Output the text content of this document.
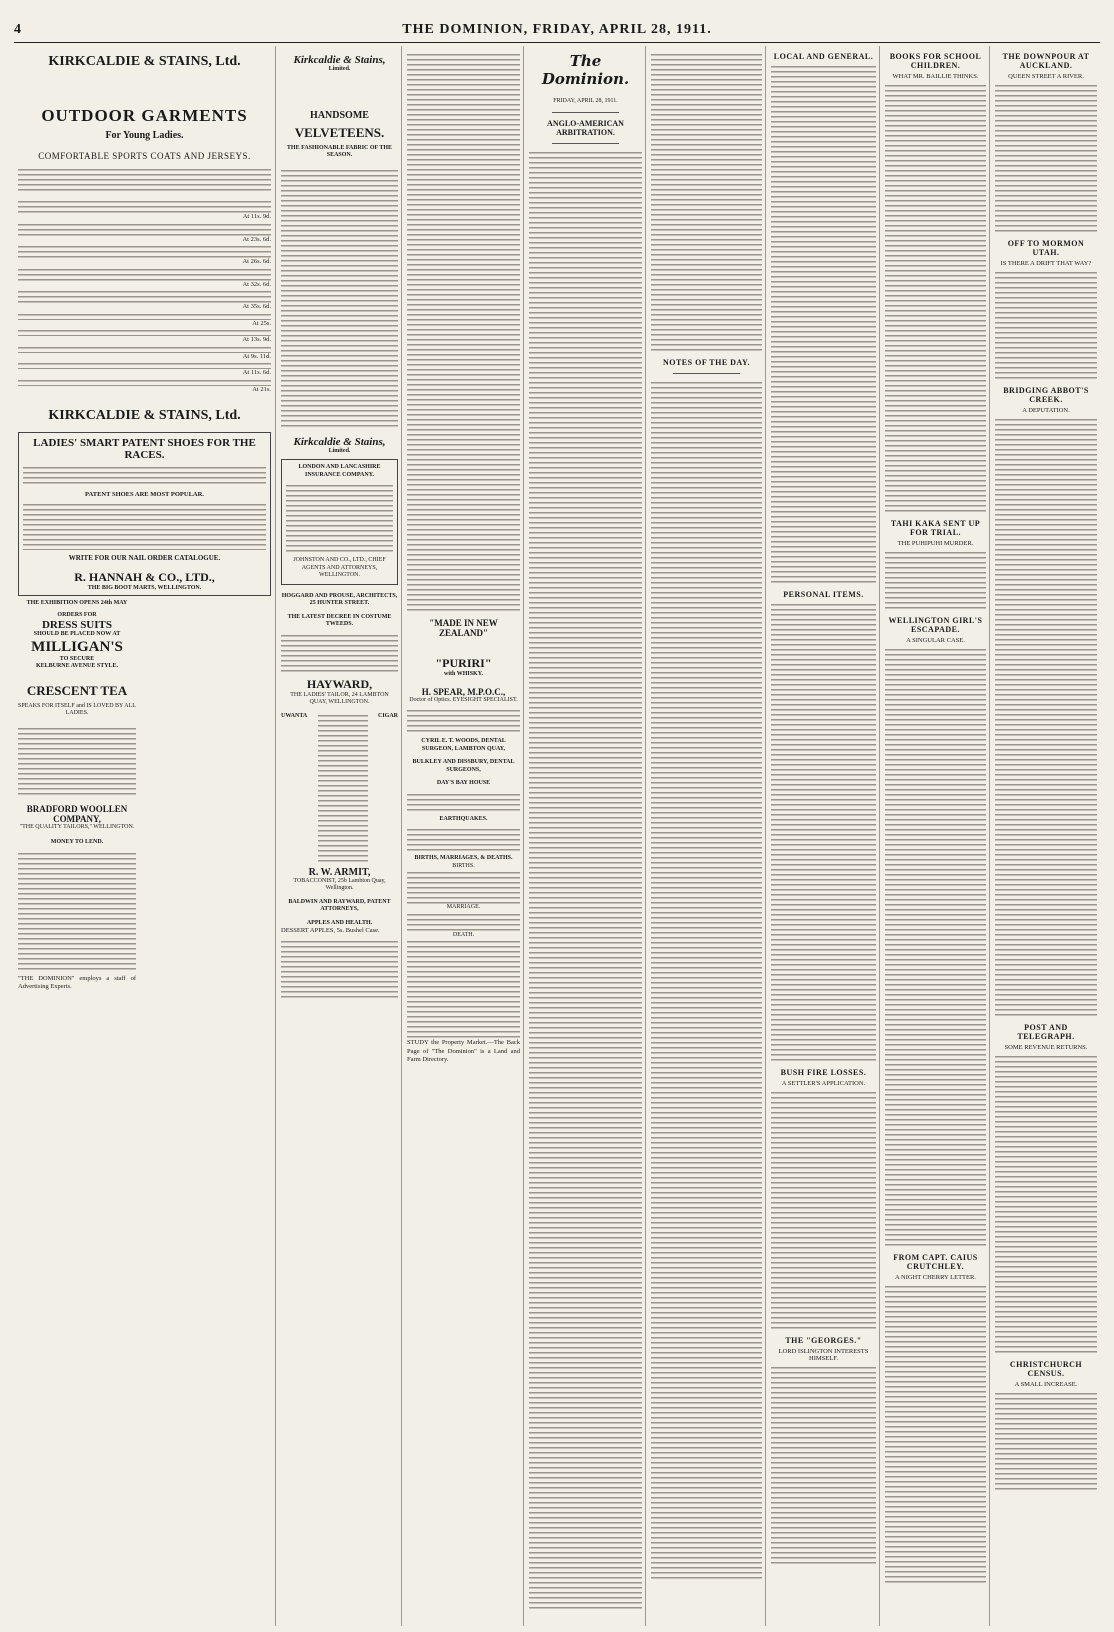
4	THE DOMINION, FRIDAY, APRIL 28, 1911.
KIRKCALDIE & STAINS, Ltd.
OUTDOOR GARMENTS
For Young Ladies.
COMFORTABLE SPORTS COATS AND JERSEYS.
At 11s. 9d.
At 23s. 6d.
At 26s. 6d.
At 32s. 6d.
At 35s. 6d.
At 25s.
At 13s. 9d.
At 9s. 11d.
At 11s. 6d.
At 21s.
KIRKCALDIE & STAINS, Ltd.
LADIES' SMART PATENT SHOES FOR THE RACES.
PATENT SHOES ARE MOST POPULAR.
WRITE FOR OUR NAIL ORDER CATALOGUE.
R. HANNAH & CO., LTD.,
THE BIG BOOT MARTS, WELLINGTON.
THE EXHIBITION OPENS 24th MAY
ORDERS FOR
DRESS SUITS
SHOULD BE PLACED NOW AT
MILLIGAN'S
TO SECURE
KELBURNE AVENUE STYLE.
CRESCENT TEA
SPEAKS FOR ITSELF and IS LOVED BY ALL LADIES.
BRADFORD WOOLLEN COMPANY,
"THE QUALITY TAILORS," WELLINGTON.
MONEY TO LEND.
"THE DOMINION" employs a staff of Advertising Experts.
Kirkcaldie & Stains,
Limited.
HANDSOME
VELVETEENS.
THE FASHIONABLE FABRIC OF THE SEASON.
Kirkcaldie & Stains,
Limited.
LONDON AND LANCASHIRE INSURANCE COMPANY.
JOHNSTON AND CO., LTD., CHIEF AGENTS AND ATTORNEYS, WELLINGTON.
HOGGARD AND PROUSE, ARCHITECTS, 25 HUNTER STREET.
THE LATEST DECREE IN COSTUME TWEEDS.
HAYWARD,
THE LADIES' TAILOR, 24 LAMBTON QUAY, WELLINGTON.
UWANTA	CIGAR
R. W. ARMIT,
TOBACCONIST, 25b Lambton Quay, Wellington.
BALDWIN AND RAYWARD, PATENT ATTORNEYS,
APPLES AND HEALTH.
DESSERT APPLES, 5s. Bushel Case.
"MADE IN NEW ZEALAND"
"PURIRI"
with WHISKY.
H. SPEAR, M.P.O.C.,
Doctor of Optics. EYESIGHT SPECIALIST.
CYRIL E. T. WOODS, DENTAL SURGEON, LAMBTON QUAY,
BULKLEY AND DISSBURY, DENTAL SURGEONS,
DAY'S BAY HOUSE
EARTHQUAKES.
BIRTHS, MARRIAGES, & DEATHS.
BIRTHS.
MARRIAGE.
DEATH.
STUDY the Property Market.—The Back Page of "The Dominion" is a Land and Farm Directory.
The Dominion.
FRIDAY, APRIL 28, 1911.
ANGLO-AMERICAN ARBITRATION.
NOTES OF THE DAY.
LOCAL AND GENERAL.
PERSONAL ITEMS.
BUSH FIRE LOSSES.
A SETTLER'S APPLICATION.
THE "GEORGES."
LORD ISLINGTON INTERESTS HIMSELF.
BOOKS FOR SCHOOL CHILDREN.
WHAT MR. BAILLIE THINKS.
TAHI KAKA SENT UP FOR TRIAL.
THE PUHIPUHI MURDER.
WELLINGTON GIRL'S ESCAPADE.
A SINGULAR CASE.
FROM CAPT. CAIUS CRUTCHLEY.
A NIGHT CHERRY LETTER.
THE DOWNPOUR AT AUCKLAND.
QUEEN STREET A RIVER.
OFF TO MORMON UTAH.
IS THERE A DRIFT THAT WAY?
BRIDGING ABBOT'S CREEK.
A DEPUTATION.
POST AND TELEGRAPH.
SOME REVENUE RETURNS.
CHRISTCHURCH CENSUS.
A SMALL INCREASE.
